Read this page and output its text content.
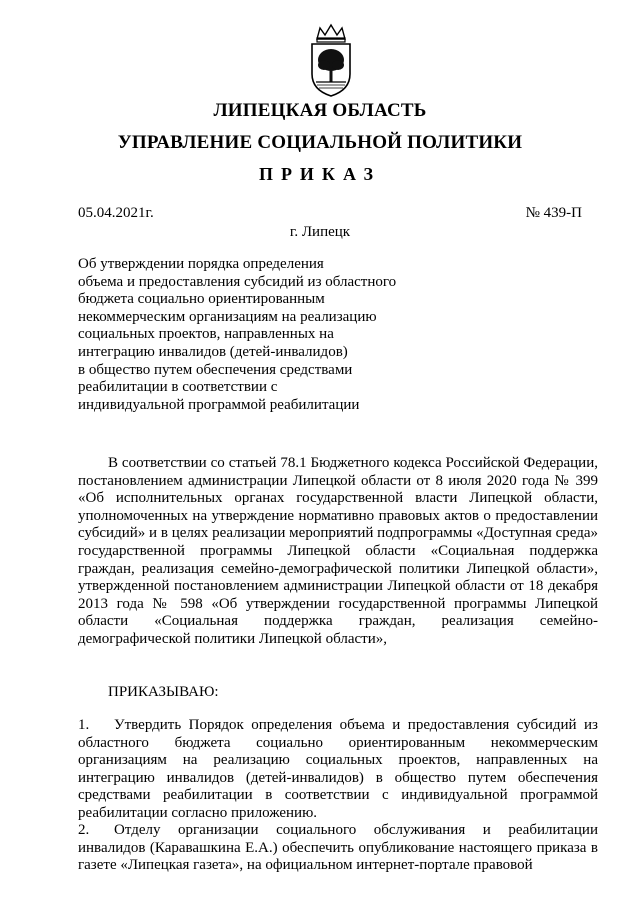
ЛИПЕЦКАЯ ОБЛАСТЬ
УПРАВЛЕНИЕ СОЦИАЛЬНОЙ ПОЛИТИКИ
ПРИКАЗ
05.04.2021г.	№ 439-П
г. Липецк
Об утверждении порядка определения
объема и предоставления субсидий из областного
бюджета социально ориентированным
некоммерческим организациям на реализацию
социальных проектов, направленных на
интеграцию инвалидов (детей-инвалидов)
в общество путем обеспечения средствами
реабилитации в соответствии с
индивидуальной программой реабилитации
В соответствии со статьей 78.1 Бюджетного кодекса Российской Федерации, постановлением администрации Липецкой области от 8 июля 2020 года № 399 «Об исполнительных органах государственной власти Липецкой области, уполномоченных на утверждение нормативно правовых актов о предоставлении субсидий» и в целях реализации мероприятий подпрограммы «Доступная среда» государственной программы Липецкой области «Социальная поддержка граждан, реализация семейно-демографической политики Липецкой области», утвержденной постановлением администрации Липецкой области от 18 декабря 2013 года № 598 «Об утверждении государственной программы Липецкой области «Социальная поддержка граждан, реализация семейно-демографической политики Липецкой области»,
ПРИКАЗЫВАЮ:
1. Утвердить Порядок определения объема и предоставления субсидий из областного бюджета социально ориентированным некоммерческим организациям на реализацию социальных проектов, направленных на интеграцию инвалидов (детей-инвалидов) в общество путем обеспечения средствами реабилитации в соответствии с индивидуальной программой реабилитации согласно приложению.
2. Отделу организации социального обслуживания и реабилитации инвалидов (Каравашкина Е.А.) обеспечить опубликование настоящего приказа в газете «Липецкая газета», на официальном интернет-портале правовой
